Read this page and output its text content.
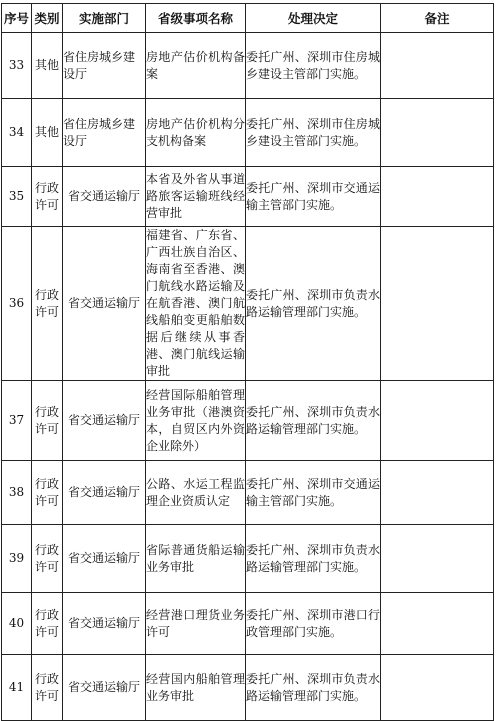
序号	类别	实施部门	省级事项名称	处理决定	备注
33	其他	省住房城乡建设厅	房地产估价机构备案	委托广州、深圳市住房城乡建设主管部门实施。	
34	其他	省住房城乡建设厅	房地产估价机构分支机构备案	委托广州、深圳市住房城乡建设主管部门实施。	
35	行政许可	省交通运输厅	本省及外省从事道路旅客运输班线经营审批	委托广州、深圳市交通运输主管部门实施。	
36	行政许可	省交通运输厅	福建省、广东省、广西壮族自治区、海南省至香港、澳门航线水路运输及在航香港、澳门航线船舶变更船舶数据后继续从事香港、澳门航线运输审批	委托广州、深圳市负责水路运输管理部门实施。	
37	行政许可	省交通运输厅	经营国际船舶管理业务审批（港澳资本，自贸区内外资企业除外）	委托广州、深圳市负责水路运输管理部门实施。	
38	行政许可	省交通运输厅	公路、水运工程监理企业资质认定	委托广州、深圳市交通运输主管部门实施。	
39	行政许可	省交通运输厅	省际普通货船运输业务审批	委托广州、深圳市负责水路运输管理部门实施。	
40	行政许可	省交通运输厅	经营港口理货业务许可	委托广州、深圳市港口行政管理部门实施。	
41	行政许可	省交通运输厅	经营国内船舶管理业务审批	委托广州、深圳市负责水路运输管理部门实施。	
